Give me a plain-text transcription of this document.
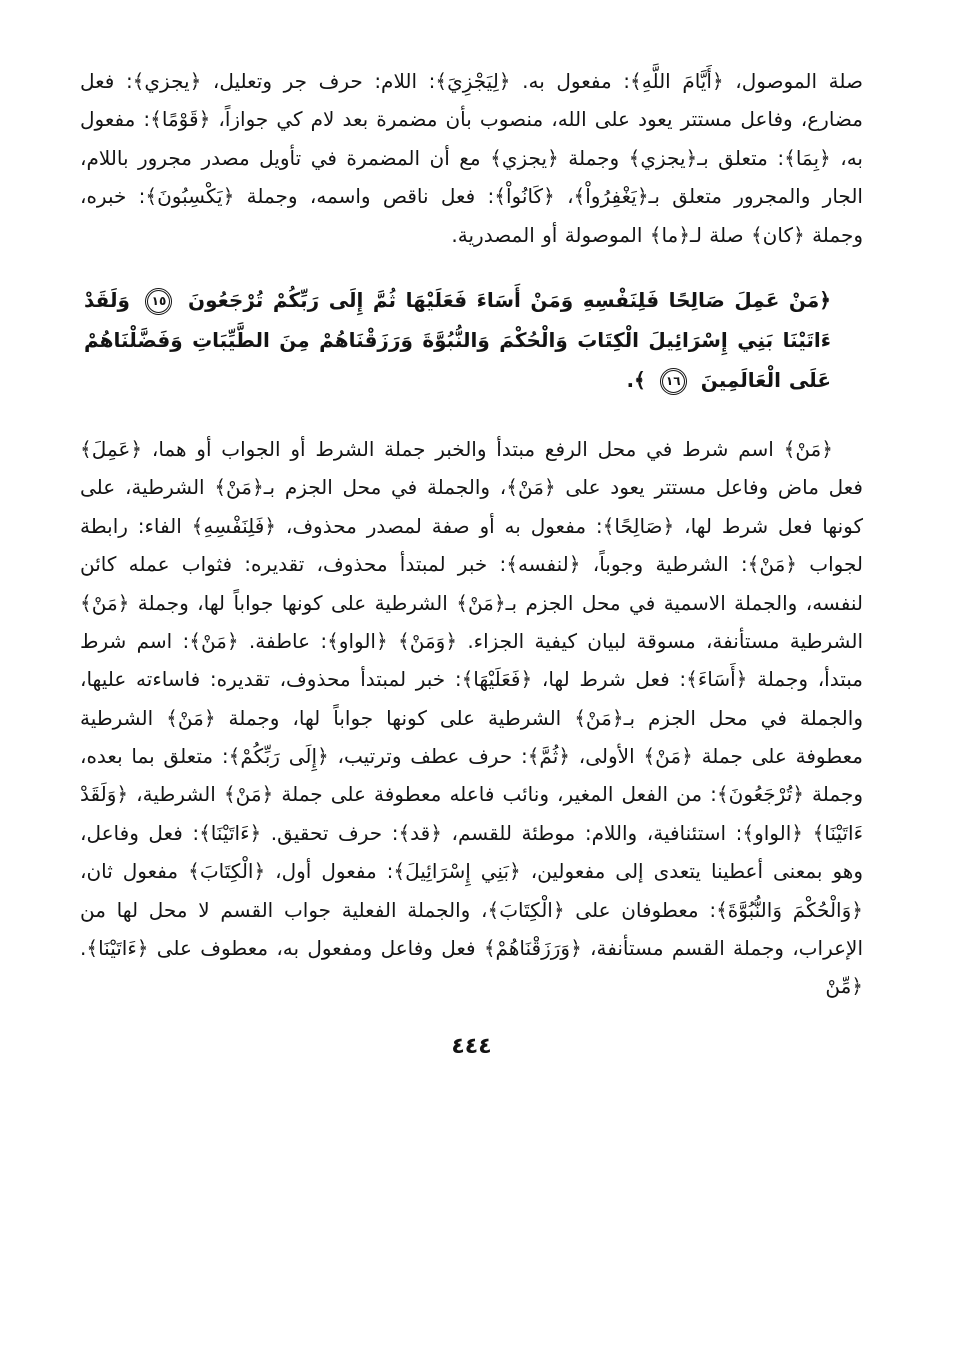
صلة الموصول، ﴿أَيَّامَ اللَّهِ﴾: مفعول به. ﴿لِيَجْزِيَ﴾: اللام: حرف جر وتعليل، ﴿يجزي﴾: فعل مضارع، وفاعل مستتر يعود على الله، منصوب بأن مضمرة بعد لام كي جوازاً، ﴿قَوْمًا﴾: مفعول به، ﴿بِمَا﴾: متعلق بـ﴿يجزي﴾ وجملة ﴿يجزي﴾ مع أن المضمرة في تأويل مصدر مجرور باللام، الجار والمجرور متعلق بـ﴿يَغْفِرُواْ﴾، ﴿كَانُواْ﴾: فعل ناقص واسمه، وجملة ﴿يَكْسِبُونَ﴾: خبره، وجملة ﴿كان﴾ صلة لـ﴿ما﴾ الموصولة أو المصدرية.

﴿مَنْ عَمِلَ صَالِحًا فَلِنَفْسِهِ وَمَنْ أَسَاءَ فَعَلَيْهَا ثُمَّ إِلَى رَبِّكُمْ تُرْجَعُونَ ١٥ وَلَقَدْ ءَاتَيْنَا بَنِي إِسْرَائِيلَ الْكِتَابَ وَالْحُكْمَ وَالنُّبُوَّةَ وَرَزَقْنَاهُمْ مِنَ الطَّيِّبَاتِ وَفَضَّلْنَاهُمْ عَلَى الْعَالَمِينَ ١٦ ﴾.

﴿مَنْ﴾ اسم شرط في محل الرفع مبتدأ والخبر جملة الشرط أو الجواب أو هما، ﴿عَمِلَ﴾ فعل ماض وفاعل مستتر يعود على ﴿مَنْ﴾، والجملة في محل الجزم بـ﴿مَنْ﴾ الشرطية، على كونها فعل شرط لها، ﴿صَالِحًا﴾: مفعول به أو صفة لمصدر محذوف، ﴿فَلِنَفْسِهِ﴾ الفاء: رابطة لجواب ﴿مَنْ﴾: الشرطية وجوباً، ﴿لنفسه﴾: خبر لمبتدأ محذوف، تقديره: فثواب عمله كائن لنفسه، والجملة الاسمية في محل الجزم بـ﴿مَنْ﴾ الشرطية على كونها جواباً لها، وجملة ﴿مَنْ﴾ الشرطية مستأنفة، مسوقة لبيان كيفية الجزاء. ﴿وَمَنْ﴾ ﴿الواو﴾: عاطفة. ﴿مَنْ﴾: اسم شرط مبتدأ، وجملة ﴿أَسَاءَ﴾: فعل شرط لها، ﴿فَعَلَيْهَا﴾: خبر لمبتدأ محذوف، تقديره: فاساءته عليها، والجملة في محل الجزم بـ﴿مَنْ﴾ الشرطية على كونها جواباً لها، وجملة ﴿مَنْ﴾ الشرطية معطوفة على جملة ﴿مَنْ﴾ الأولى، ﴿ثُمَّ﴾: حرف عطف وترتيب، ﴿إِلَى رَبِّكُمْ﴾: متعلق بما بعده، وجملة ﴿تُرْجَعُونَ﴾: من الفعل المغير، ونائب فاعله معطوفة على جملة ﴿مَنْ﴾ الشرطية، ﴿وَلَقَدْ ءَاتَيْنَا﴾ ﴿الواو﴾: استئنافية، واللام: موطئة للقسم، ﴿قد﴾: حرف تحقيق. ﴿ءَاتَيْنَا﴾: فعل وفاعل، وهو بمعنى أعطينا يتعدى إلى مفعولين، ﴿بَنِي إِسْرَائِيلَ﴾: مفعول أول، ﴿الْكِتَابَ﴾ مفعول ثان، ﴿وَالْحُكْمَ وَالنُّبُوَّةَ﴾: معطوفان على ﴿الْكِتَابَ﴾، والجملة الفعلية جواب القسم لا محل لها من الإعراب، وجملة القسم مستأنفة، ﴿وَرَزَقْنَاهُمْ﴾ فعل وفاعل ومفعول به، معطوف على ﴿ءَاتَيْنَا﴾. ﴿مِّنْ

٤٤٤
